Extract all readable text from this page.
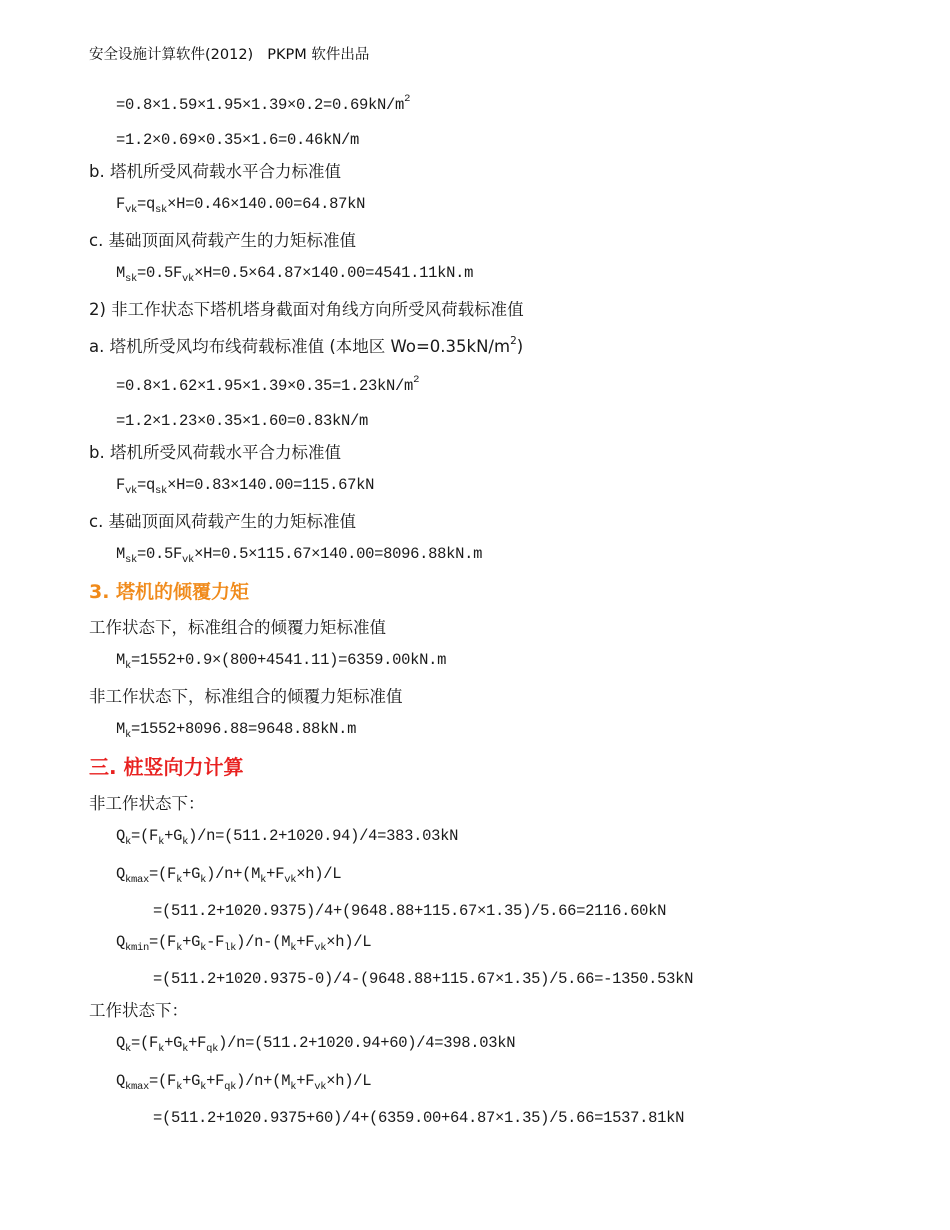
安全设施计算软件(2012) PKPM 软件出品
$=0.8\times 1.59\times 1.95\times 1.39\times 0.2=0.69kN/m^2$
=1.2×0.69×0.35×1.6=0.46kN/m
b. 塔机所受风荷载水平合力标准值
$F_{vk}=q_{sk}\times H=0.46\times 140.00=64.87kN$
c. 基础顶面风荷载产生的力矩标准值
$M_{sk}=0.5F_{vk}\times H=0.5\times 64.87\times 140.00=4541.11kN.m$
2) 非工作状态下塔机塔身截面对角线方向所受风荷载标准值
a. 塔机所受风均布线荷载标准值 (本地区 $Wo=0.35kN/m^2$)
$=0.8\times 1.62\times 1.95\times 1.39\times 0.35=1.23kN/m^2$
=1.2×1.23×0.35×1.60=0.83kN/m
b. 塔机所受风荷载水平合力标准值
$F_{vk}=q_{sk}\times H=0.83\times 140.00=115.67kN$
c. 基础顶面风荷载产生的力矩标准值
$M_{sk}=0.5F_{vk}\times H=0.5\times 115.67\times 140.00=8096.88kN.m$
3. 塔机的倾覆力矩
工作状态下，标准组合的倾覆力矩标准值
$M_k=1552+0.9\times(800+4541.11)=6359.00kN.m$
非工作状态下，标准组合的倾覆力矩标准值
$M_k=1552+8096.88=9648.88kN.m$
三. 桩竖向力计算
非工作状态下：
$Q_k=(F_k+G_k)/n=(511.2+1020.94)/4=383.03kN$
$Q_{kmax}=(F_k+G_k)/n+(M_k+F_{vk}\times h)/L$
=(511.2+1020.9375)/4+(9648.88+115.67×1.35)/5.66=2116.60kN
$Q_{kmin}=(F_k+G_k-F_{lk})/n-(M_k+F_{vk}\times h)/L$
=(511.2+1020.9375-0)/4-(9648.88+115.67×1.35)/5.66=-1350.53kN
工作状态下：
$Q_k=(F_k+G_k+F_{qk})/n=(511.2+1020.94+60)/4=398.03kN$
$Q_{kmax}=(F_k+G_k+F_{qk})/n+(M_k+F_{vk}\times h)/L$
=(511.2+1020.9375+60)/4+(6359.00+64.87×1.35)/5.66=1537.81kN
